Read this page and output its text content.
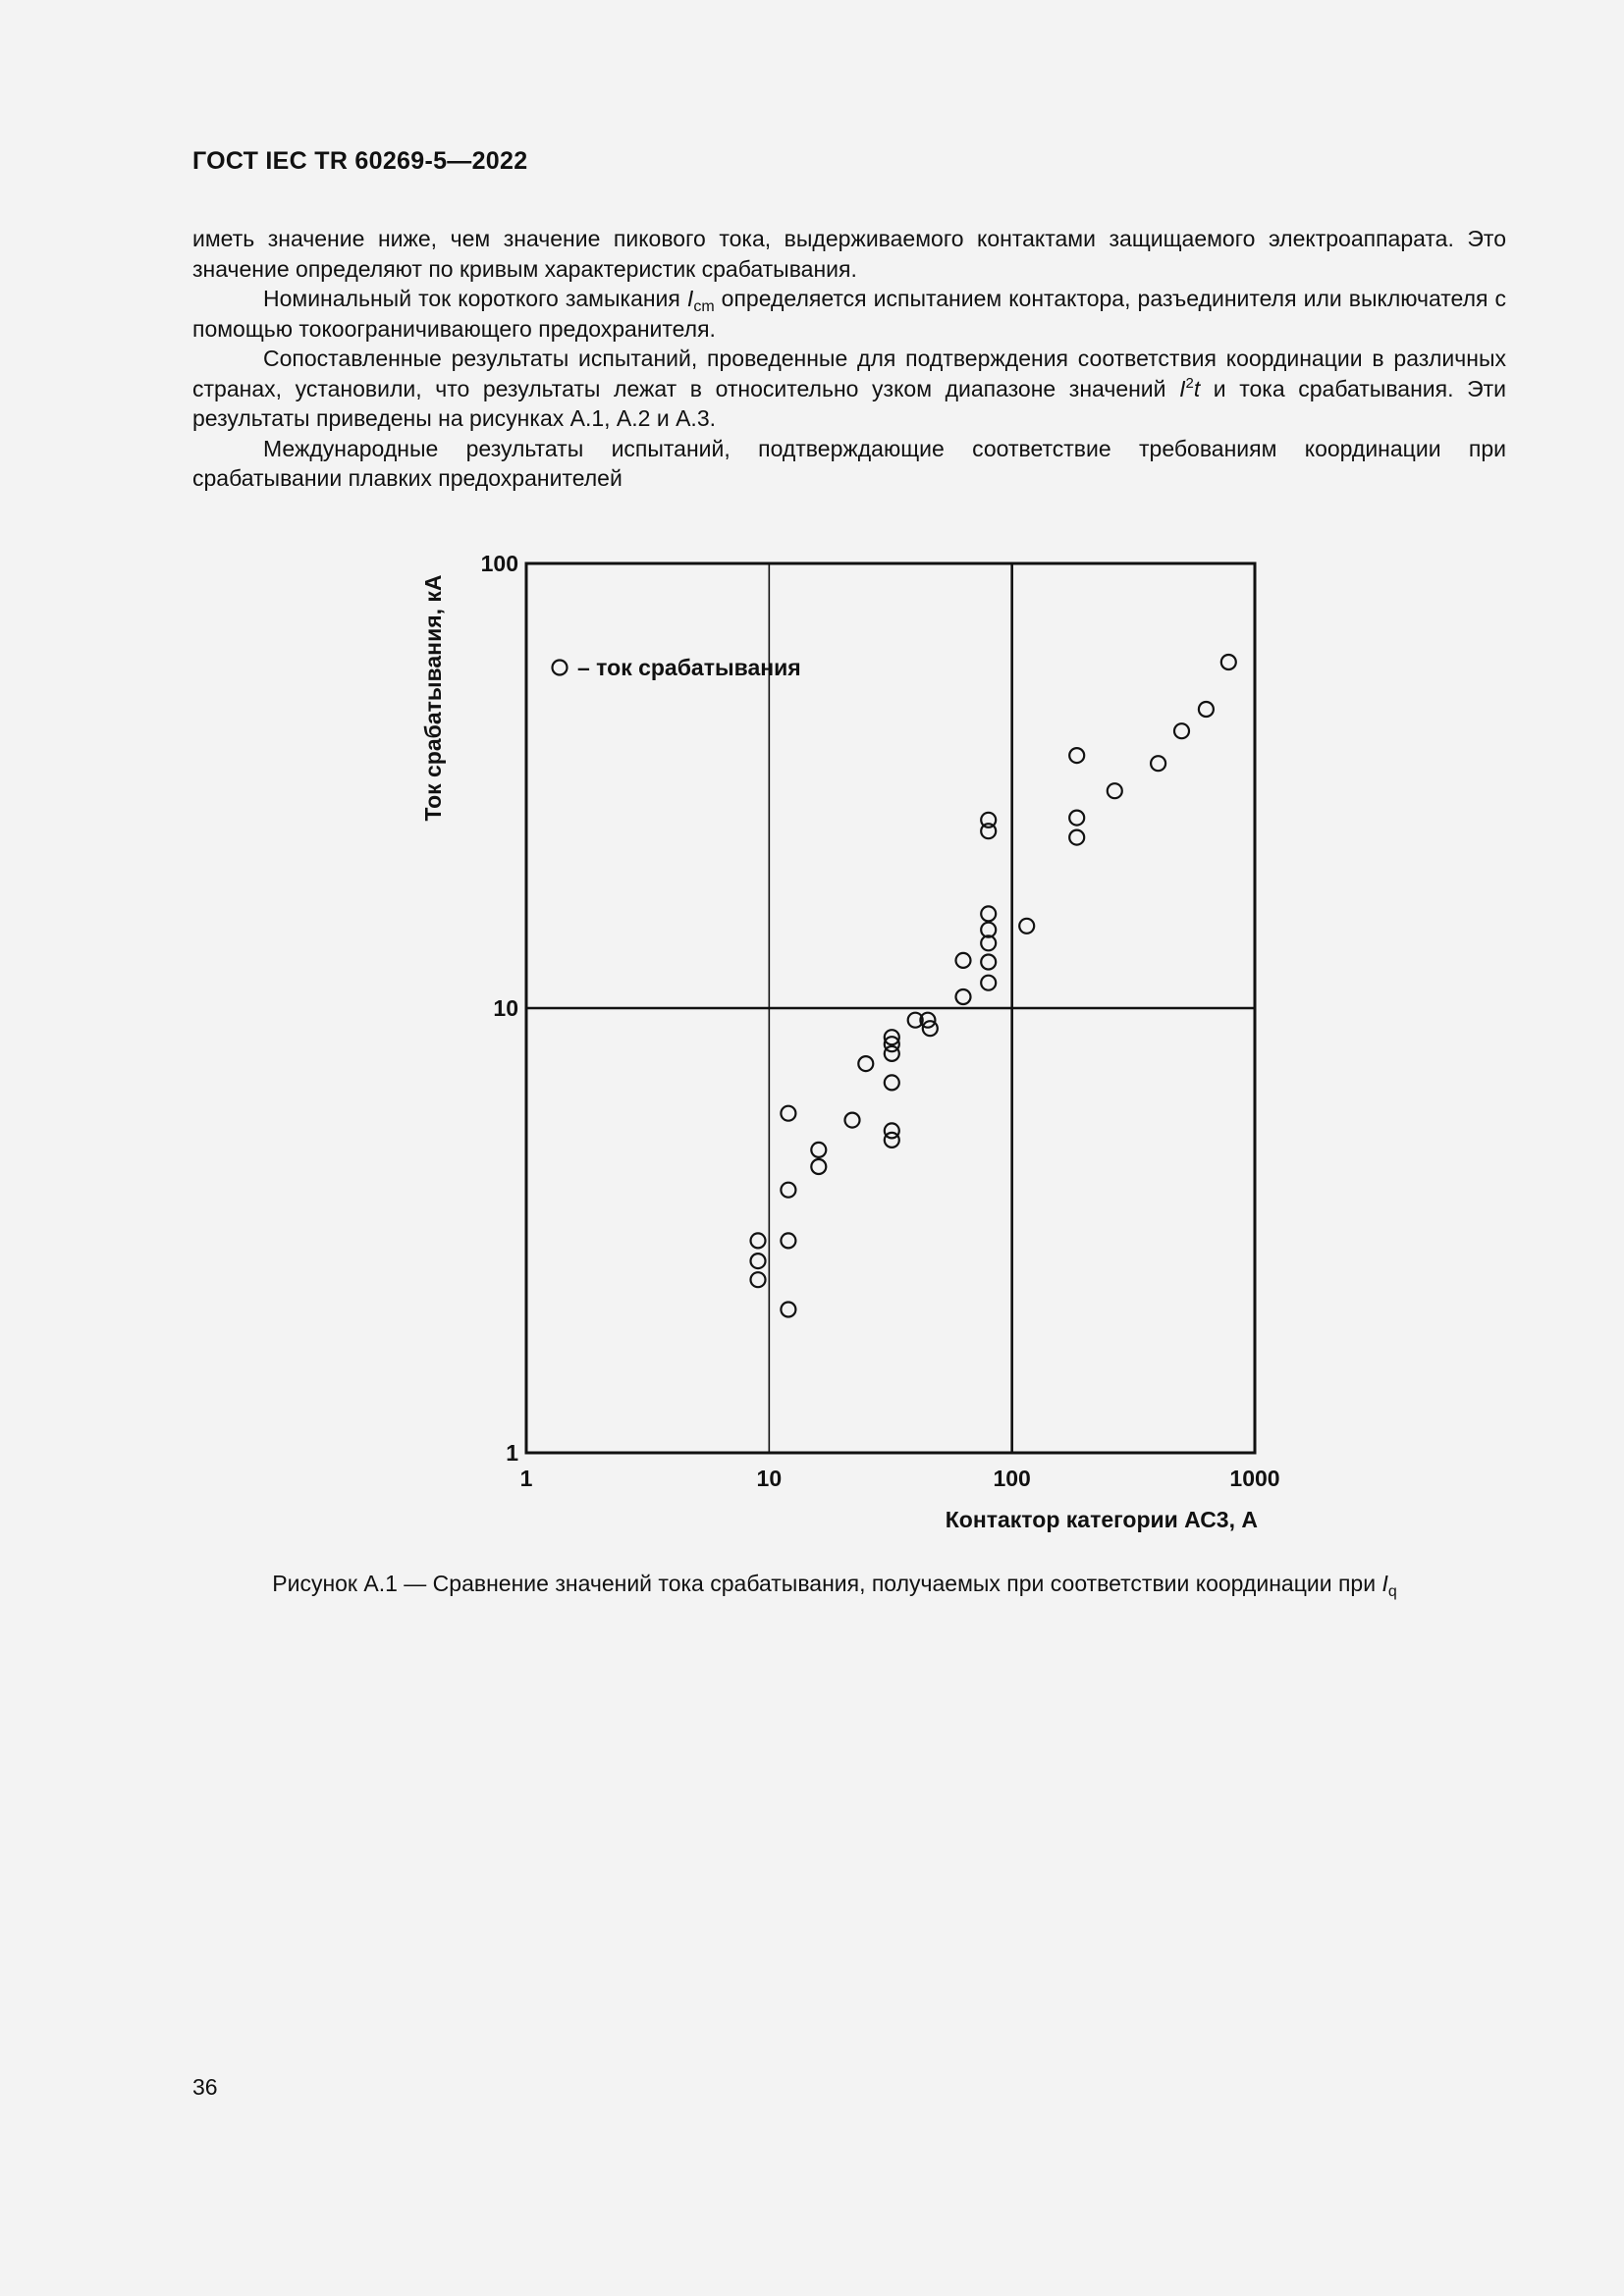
ГОСТ IEC TR 60269-5—2022

иметь значение ниже, чем значение пикового тока, выдерживаемого контактами защищаемого электроаппарата. Это значение определяют по кривым характеристик срабатывания.

Номинальный ток короткого замыкания $I_{cm}$ определяется испытанием контактора, разъединителя или выключателя с помощью токоограничивающего предохранителя.

Сопоставленные результаты испытаний, проведенные для подтверждения соответствия координации в различных странах, установили, что результаты лежат в относительно узком диапазоне значений $I^2t$ и тока срабатывания. Эти результаты приведены на рисунках А.1, А.2 и А.3.

Международные результаты испытаний, подтверждающие соответствие требованиям координации при срабатывании плавких предохранителей

1	10	100	1000
1
10
100
– ток срабатывания
Ток срабатывания, кА
Контактор категории АС3, А

Рисунок А.1 — Сравнение значений тока срабатывания, получаемых при соответствии координации при $I_q$

36
